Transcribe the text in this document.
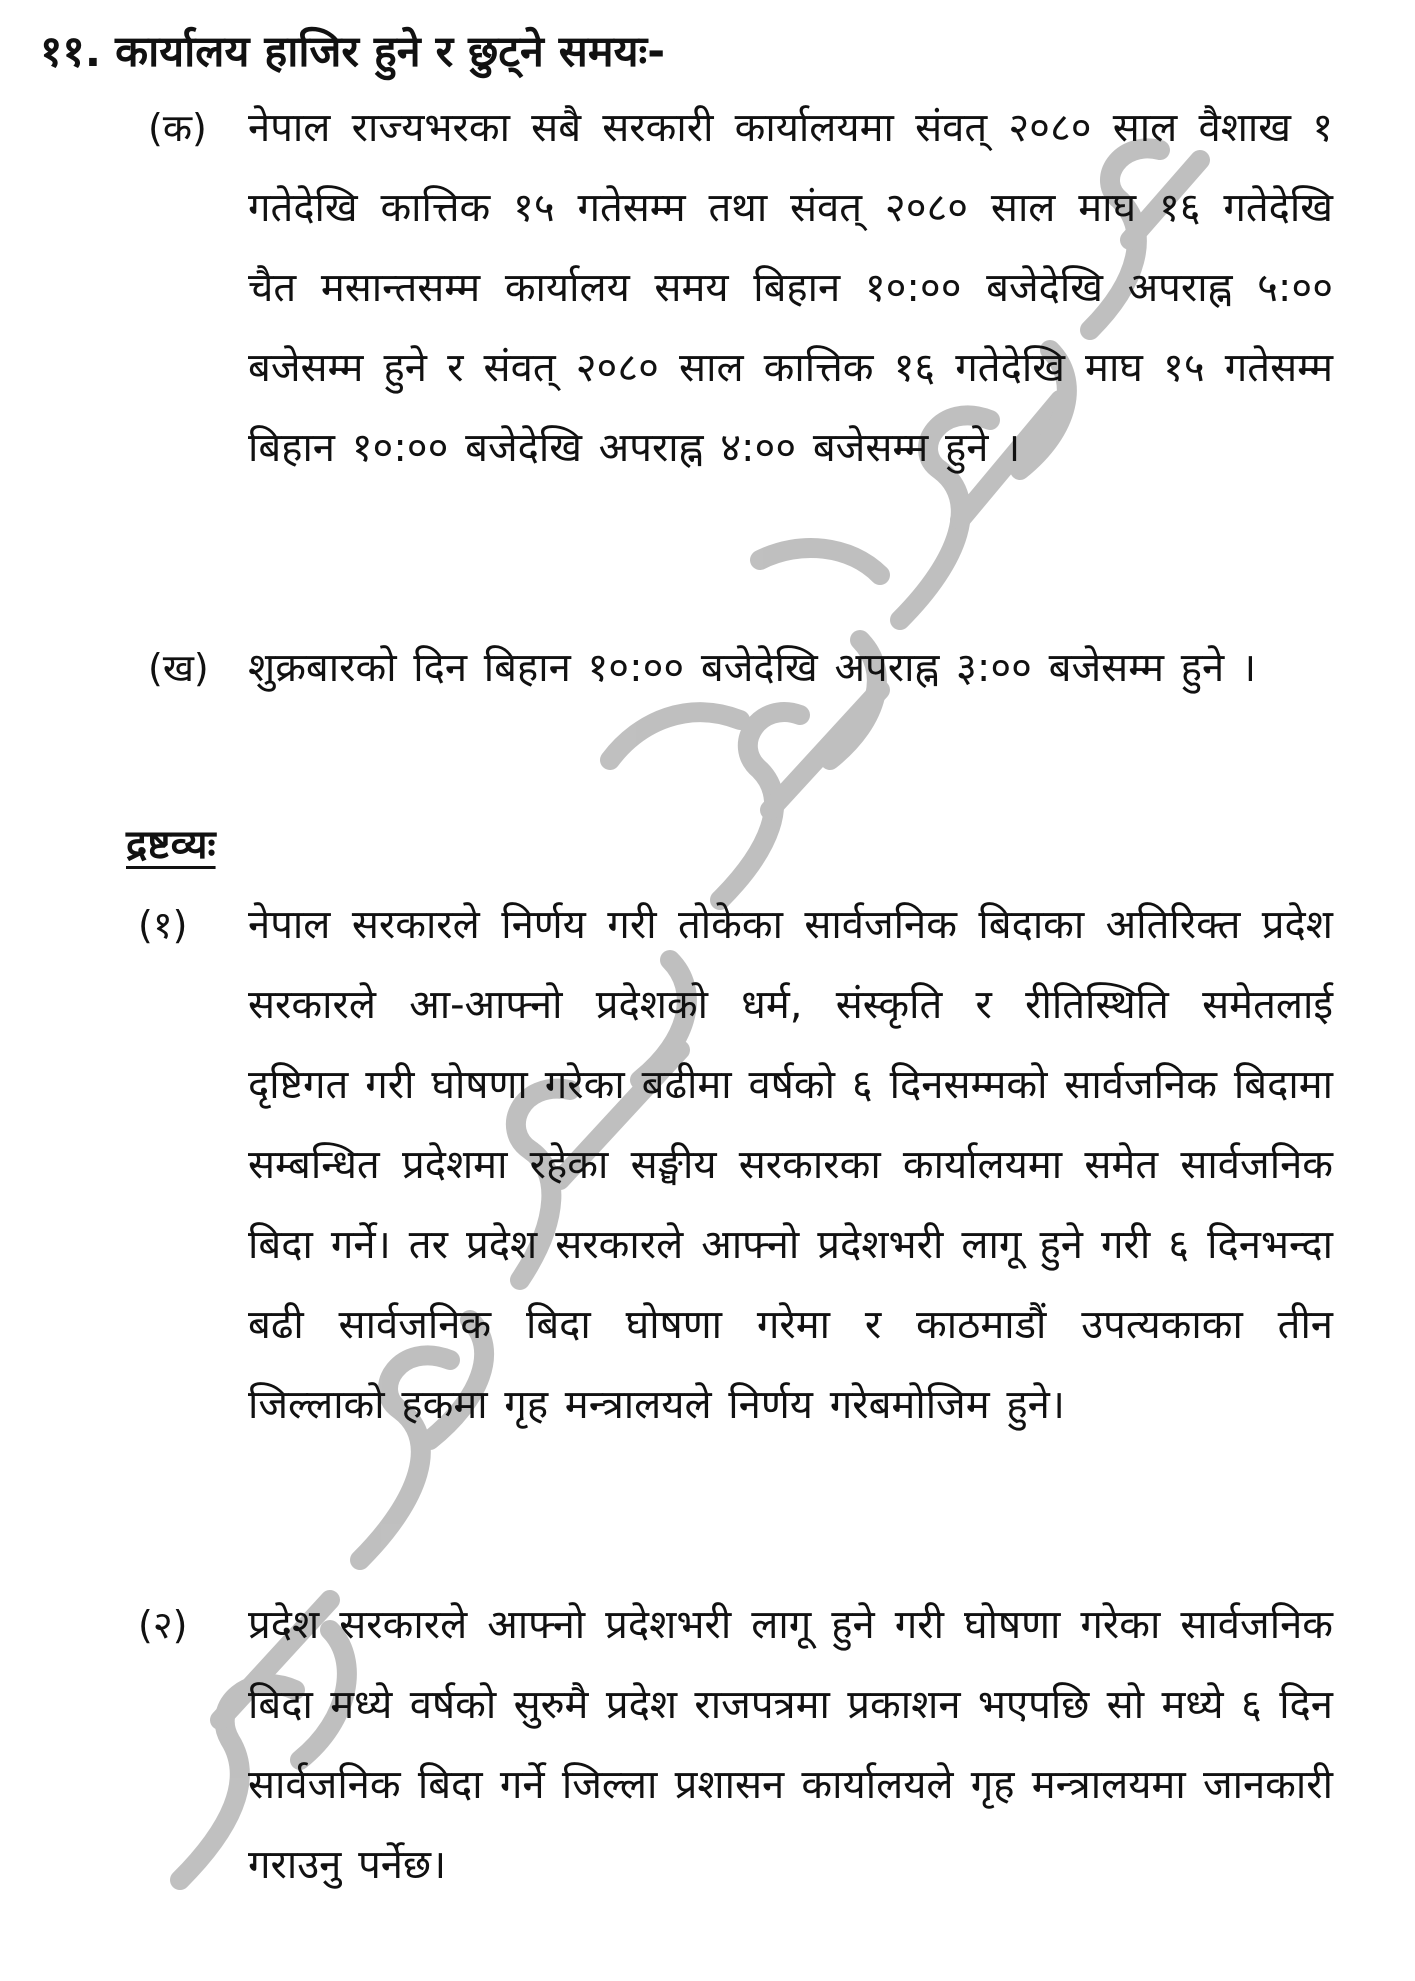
११. कार्यालय हाजिर हुने र छुट्ने समयः-
(क) नेपाल राज्यभरका सबै सरकारी कार्यालयमा संवत् २०८० साल वैशाख १ गतेदेखि कात्तिक १५ गतेसम्म तथा संवत् २०८० साल माघ १६ गतेदेखि चैत मसान्तसम्म कार्यालय समय बिहान १०:०० बजेदेखि अपराह्न ५:०० बजेसम्म हुने र संवत् २०८० साल कात्तिक १६ गतेदेखि माघ १५ गतेसम्म बिहान १०:०० बजेदेखि अपराह्न ४:०० बजेसम्म हुने ।
(ख) शुक्रबारको दिन बिहान १०:०० बजेदेखि अपराह्न ३:०० बजेसम्म हुने ।
द्रष्टव्यः
(१) नेपाल सरकारले निर्णय गरी तोकेका सार्वजनिक बिदाका अतिरिक्त प्रदेश सरकारले आ-आफ्नो प्रदेशको धर्म, संस्कृति र रीतिस्थिति समेतलाई दृष्टिगत गरी घोषणा गरेका बढीमा वर्षको ६ दिनसम्मको सार्वजनिक बिदामा सम्बन्धित प्रदेशमा रहेका सङ्घीय सरकारका कार्यालयमा समेत सार्वजनिक बिदा गर्ने। तर प्रदेश सरकारले आफ्नो प्रदेशभरी लागू हुने गरी ६ दिनभन्दा बढी सार्वजनिक बिदा घोषणा गरेमा र काठमाडौं उपत्यकाका तीन जिल्लाको हकमा गृह मन्त्रालयले निर्णय गरेबमोजिम हुने।
(२) प्रदेश सरकारले आफ्नो प्रदेशभरी लागू हुने गरी घोषणा गरेका सार्वजनिक बिदा मध्ये वर्षको सुरुमै प्रदेश राजपत्रमा प्रकाशन भएपछि सो मध्ये ६ दिन सार्वजनिक बिदा गर्ने जिल्ला प्रशासन कार्यालयले गृह मन्त्रालयमा जानकारी गराउनु पर्नेछ।
